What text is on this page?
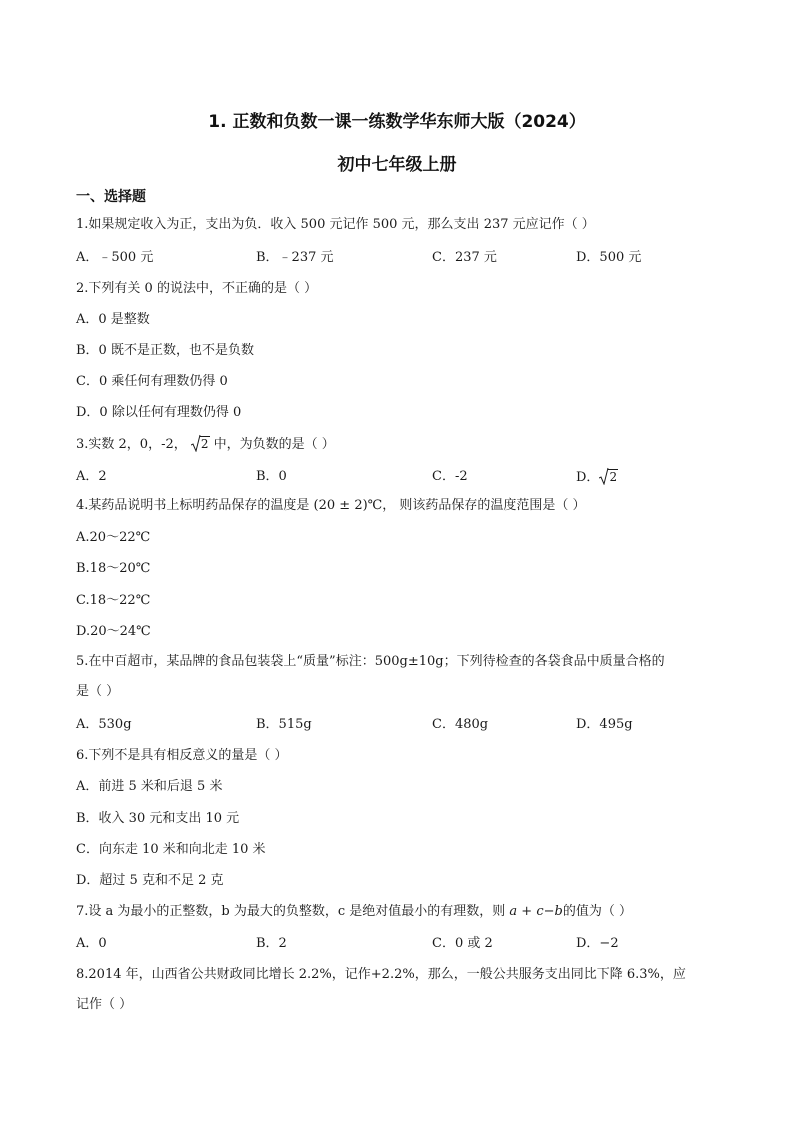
1. 正数和负数一课一练数学华东师大版（2024）
初中七年级上册
一、选择题
1.如果规定收入为正，支出为负．收入 500 元记作 500 元，那么支出 237 元应记作（ ）
A．﹣500 元	B．﹣237 元	C．237 元	D．500 元
2.下列有关 0 的说法中，不正确的是（ ）
A．0 是整数
B．0 既不是正数，也不是负数
C．0 乘任何有理数仍得 0
D．0 除以任何有理数仍得 0
3.实数 2，0，-2， 2 中，为负数的是（ ）
A．2	B．0	C．-2	D． 2
4.某药品说明书上标明药品保存的温度是 (20 ± 2)℃， 则该药品保存的温度范围是（ ）
A.20～22℃
B.18～20℃
C.18～22℃
D.20～24℃
5.在中百超市，某品牌的食品包装袋上“质量”标注：500g±10g；下列待检查的各袋食品中质量合格的
是（ ）
A．530g	B．515g	C．480g	D．495g
6.下列不是具有相反意义的量是（ ）
A．前进 5 米和后退 5 米
B．收入 30 元和支出 10 元
C．向东走 10 米和向北走 10 米
D．超过 5 克和不足 2 克
7.设 a 为最小的正整数，b 为最大的负整数，c 是绝对值最小的有理数，则 a + c−b的值为（ ）
A．0	B．2	C．0 或 2	D．−2
8.2014 年，山西省公共财政同比增长 2.2%，记作+2.2%，那么，一般公共服务支出同比下降 6.3%，应
记作（ ）
